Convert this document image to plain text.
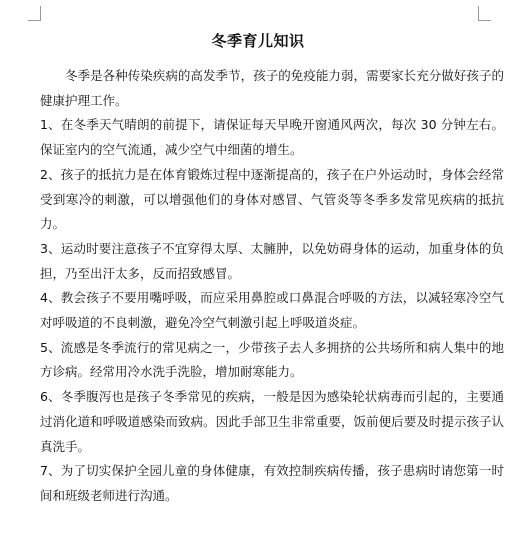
冬季育儿知识

冬季是各种传染疾病的高发季节，孩子的免疫能力弱，需要家长充分做好孩子的健康护理工作。

1、在冬季天气晴朗的前提下，请保证每天早晚开窗通风两次，每次 30 分钟左右。保证室内的空气流通，减少空气中细菌的增生。

2、孩子的抵抗力是在体育锻炼过程中逐渐提高的，孩子在户外运动时，身体会经常受到寒冷的刺激，可以增强他们的身体对感冒、气管炎等冬季多发常见疾病的抵抗力。

3、运动时要注意孩子不宜穿得太厚、太臃肿，以免妨碍身体的运动，加重身体的负担，乃至出汗太多，反而招致感冒。

4、教会孩子不要用嘴呼吸，而应采用鼻腔或口鼻混合呼吸的方法，以减轻寒冷空气对呼吸道的不良刺激，避免冷空气刺激引起上呼吸道炎症。

5、流感是冬季流行的常见病之一，少带孩子去人多拥挤的公共场所和病人集中的地方诊病。经常用冷水洗手洗脸，增加耐寒能力。

6、冬季腹泻也是孩子冬季常见的疾病，一般是因为感染轮状病毒而引起的，主要通过消化道和呼吸道感染而致病。因此手部卫生非常重要，饭前便后要及时提示孩子认真洗手。

7、为了切实保护全园儿童的身体健康，有效控制疾病传播，孩子患病时请您第一时间和班级老师进行沟通。
